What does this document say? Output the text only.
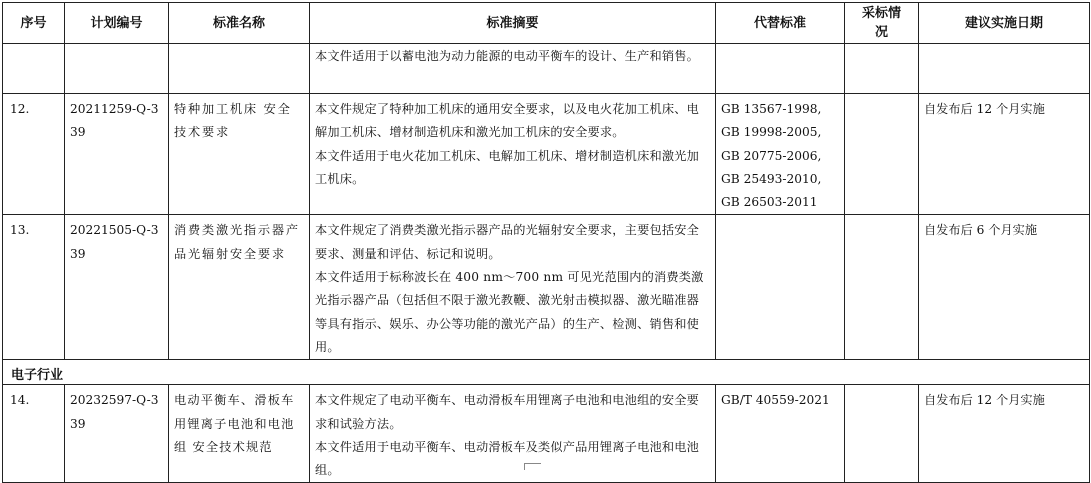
序号	计划编号	标准名称	标准摘要	代替标准	采标情况	建议实施日期

			本文件适用于以蓄电池为动力能源的电动平衡车的设计、生产和销售。			

12.	20211259-Q-339	特种加工机床 安全技术要求	本文件规定了特种加工机床的通用安全要求，以及电火花加工机床、电解加工机床、增材制造机床和激光加工机床的安全要求。
本文件适用于电火花加工机床、电解加工机床、增材制造机床和激光加工机床。	GB 13567-1998,
GB 19998-2005,
GB 20775-2006,
GB 25493-2010,
GB 26503-2011		自发布后 12 个月实施

13.	20221505-Q-339	消费类激光指示器产品光辐射安全要求	本文件规定了消费类激光指示器产品的光辐射安全要求，主要包括安全要求、测量和评估、标记和说明。
本文件适用于标称波长在 400 nm～700 nm 可见光范围内的消费类激光指示器产品（包括但不限于激光教鞭、激光射击模拟器、激光瞄准器等具有指示、娱乐、办公等功能的激光产品）的生产、检测、销售和使用。			自发布后 6 个月实施

电子行业						

14.	20232597-Q-339	电动平衡车、滑板车用锂离子电池和电池组 安全技术规范	本文件规定了电动平衡车、电动滑板车用锂离子电池和电池组的安全要求和试验方法。
本文件适用于电动平衡车、电动滑板车及类似产品用锂离子电池和电池组。	GB/T 40559-2021		自发布后 12 个月实施
